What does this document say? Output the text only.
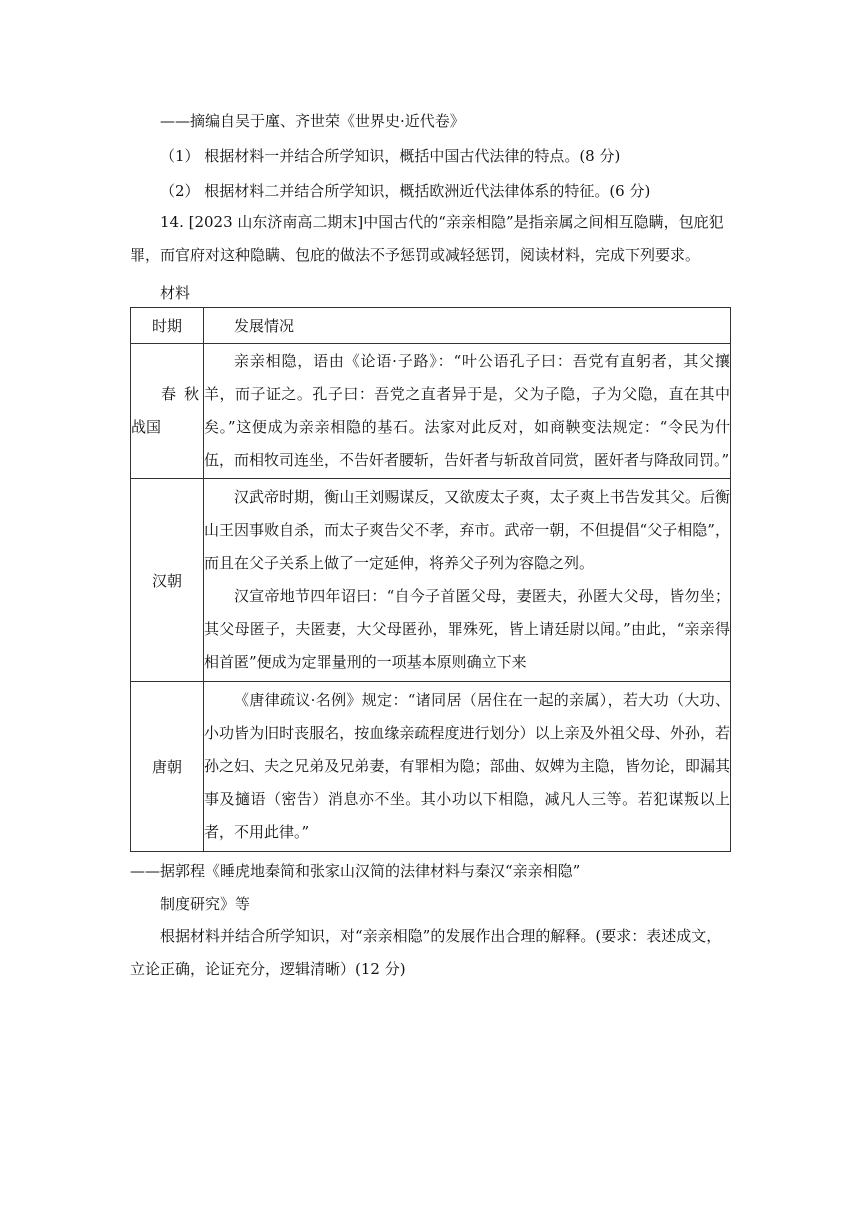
——摘编自吴于廑、齐世荣《世界史·近代卷》
（1） 根据材料一并结合所学知识，概括中国古代法律的特点。(8 分)
（2） 根据材料二并结合所学知识，概括欧洲近代法律体系的特征。(6 分)
14. [2023 山东济南高二期末]中国古代的“亲亲相隐”是指亲属之间相互隐瞒，包庇犯罪，而官府对这种隐瞒、包庇的做法不予惩罚或减轻惩罚，阅读材料，完成下列要求。
材料
时期	发展情况

春 秋
战国	亲亲相隐，语由《论语·子路》：“叶公语孔子曰：吾党有直躬者，其父攘羊，而子证之。孔子曰：吾党之直者异于是，父为子隐，子为父隐，直在其中矣。”这便成为亲亲相隐的基石。法家对此反对，如商鞅变法规定：“令民为什伍，而相牧司连坐，不告奸者腰斩，告奸者与斩敌首同赏，匿奸者与降敌同罚。”

汉朝	汉武帝时期，衡山王刘赐谋反，又欲废太子爽，太子爽上书告发其父。后衡山王因事败自杀，而太子爽告父不孝，弃市。武帝一朝，不但提倡“父子相隐”，而且在父子关系上做了一定延伸，将养父子列为容隐之列。

汉宣帝地节四年诏曰：“自今子首匿父母，妻匿夫，孙匿大父母，皆勿坐；其父母匿子，夫匿妻，大父母匿孙，罪殊死，皆上请廷尉以闻。”由此，“亲亲得相首匿”便成为定罪量刑的一项基本原则确立下来

唐朝	《唐律疏议·名例》规定：“诸同居（居住在一起的亲属），若大功（大功、小功皆为旧时丧服名，按血缘亲疏程度进行划分）以上亲及外祖父母、外孙，若孙之妇、夫之兄弟及兄弟妻，有罪相为隐；部曲、奴婢为主隐，皆勿论，即漏其事及擿语（密告）消息亦不坐。其小功以下相隐，减凡人三等。若犯谋叛以上者，不用此律。”

——据郭程《睡虎地秦简和张家山汉简的法律材料与秦汉“亲亲相隐”
制度研究》等
根据材料并结合所学知识，对“亲亲相隐”的发展作出合理的解释。(要求：表述成文，立论正确，论证充分，逻辑清晰）(12 分)
